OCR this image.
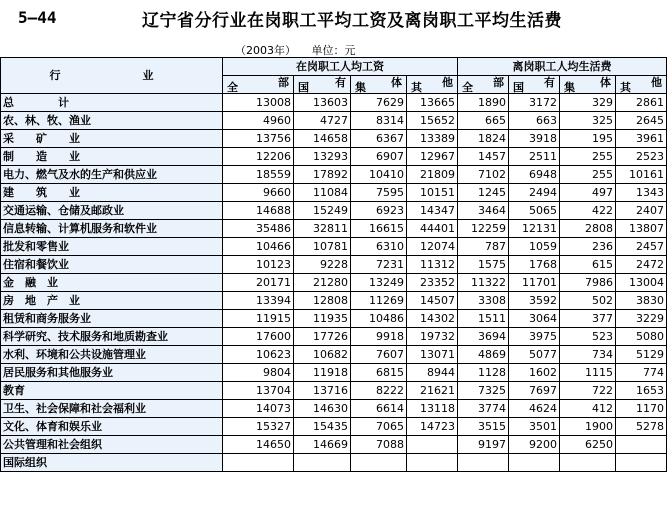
5—44	辽宁省分行业在岗职工平均工资及离岗职工平均生活费
（2003年） 单位：元
行　　业	在岗职工人均工资				离岗职工人均生活费			

	全 部	国 有	集 体	其 他	全 部	国 有	集 体	其 他

总　　　　计	13008	13603	7629	13665	1890	3172	329	2861
农、林、牧、渔业	4960	4727	8314	15652	665	663	325	2645
采　　矿　　业	13756	14658	6367	13389	1824	3918	195	3961
制　　造　　业	12206	13293	6907	12967	1457	2511	255	2523
电力、燃气及水的生产和供应业	18559	17892	10410	21809	7102	6948	255	10161
建　　筑　　业	9660	11084	7595	10151	1245	2494	497	1343
交通运输、仓储及邮政业	14688	15249	6923	14347	3464	5065	422	2407
信息转输、计算机服务和软件业	35486	32811	16615	44401	12259	12131	2808	13807
批发和零售业	10466	10781	6310	12074	787	1059	236	2457
住宿和餐饮业	10123	9228	7231	11312	1575	1768	615	2472
金　融　业	20171	21280	13249	23352	11322	11701	7986	13004
房　地　产　业	13394	12808	11269	14507	3308	3592	502	3830
租赁和商务服务业	11915	11935	10486	14302	1511	3064	377	3229
科学研究、技术服务和地质勘查业	17600	17726	9918	19732	3694	3975	523	5080
水利、环境和公共设施管理业	10623	10682	7607	13071	4869	5077	734	5129
居民服务和其他服务业	9804	11918	6815	8944	1128	1602	1115	774
教育	13704	13716	8222	21621	7325	7697	722	1653
卫生、社会保障和社会福利业	14073	14630	6614	13118	3774	4624	412	1170
文化、体育和娱乐业	15327	15435	7065	14723	3515	3501	1900	5278
公共管理和社会组织	14650	14669	7088		9197	9200	6250	
国际组织								
